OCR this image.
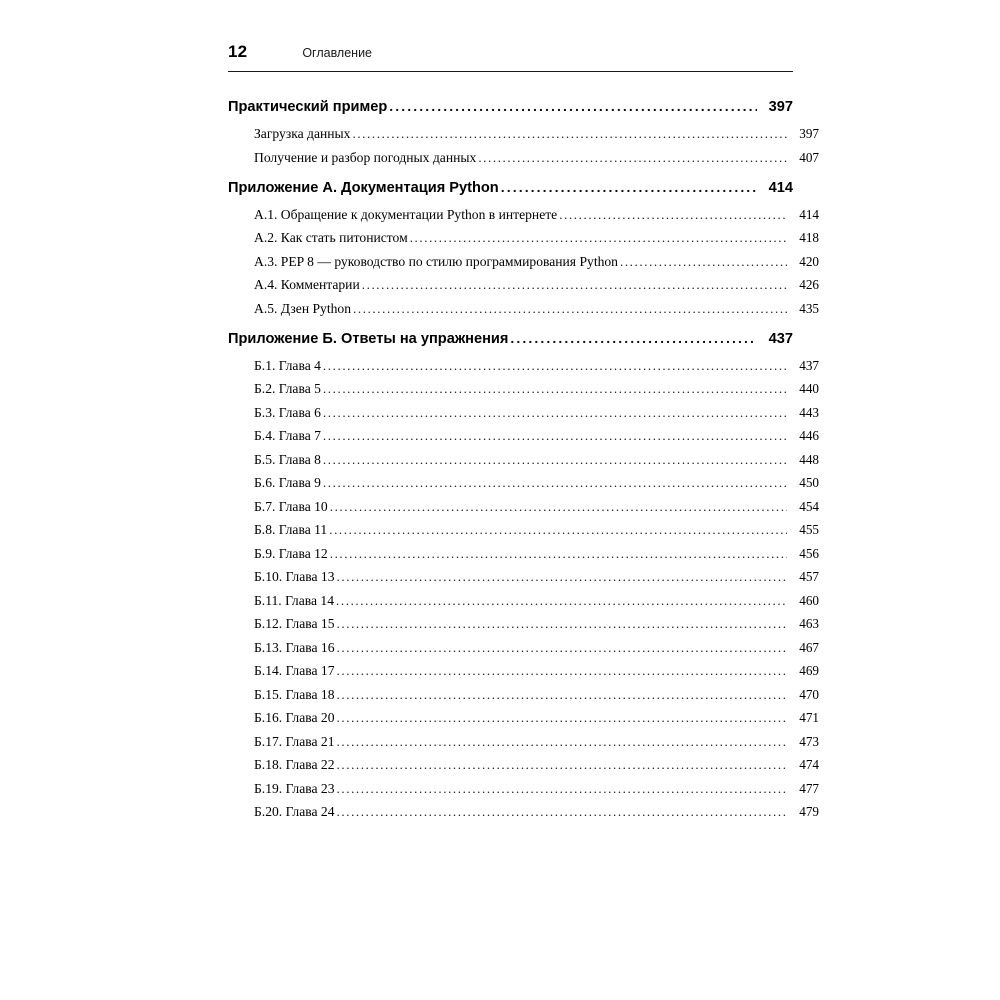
12	Оглавление
Практический пример .....	397
Загрузка данных .....	397
Получение и разбор погодных данных .....	407
Приложение А. Документация Python .....	414
А.1. Обращение к документации Python в интернете .....	414
А.2. Как стать питонистом .....	418
А.3. PEP 8 — руководство по стилю программирования Python .....	420
А.4. Комментарии .....	426
А.5. Дзен Python .....	435
Приложение Б. Ответы на упражнения .....	437
Б.1. Глава 4 .....	437
Б.2. Глава 5 .....	440
Б.3. Глава 6 .....	443
Б.4. Глава 7 .....	446
Б.5. Глава 8 .....	448
Б.6. Глава 9 .....	450
Б.7. Глава 10 .....	454
Б.8. Глава 11 .....	455
Б.9. Глава 12 .....	456
Б.10. Глава 13 .....	457
Б.11. Глава 14 .....	460
Б.12. Глава 15 .....	463
Б.13. Глава 16 .....	467
Б.14. Глава 17 .....	469
Б.15. Глава 18 .....	470
Б.16. Глава 20 .....	471
Б.17. Глава 21 .....	473
Б.18. Глава 22 .....	474
Б.19. Глава 23 .....	477
Б.20. Глава 24 .....	479
